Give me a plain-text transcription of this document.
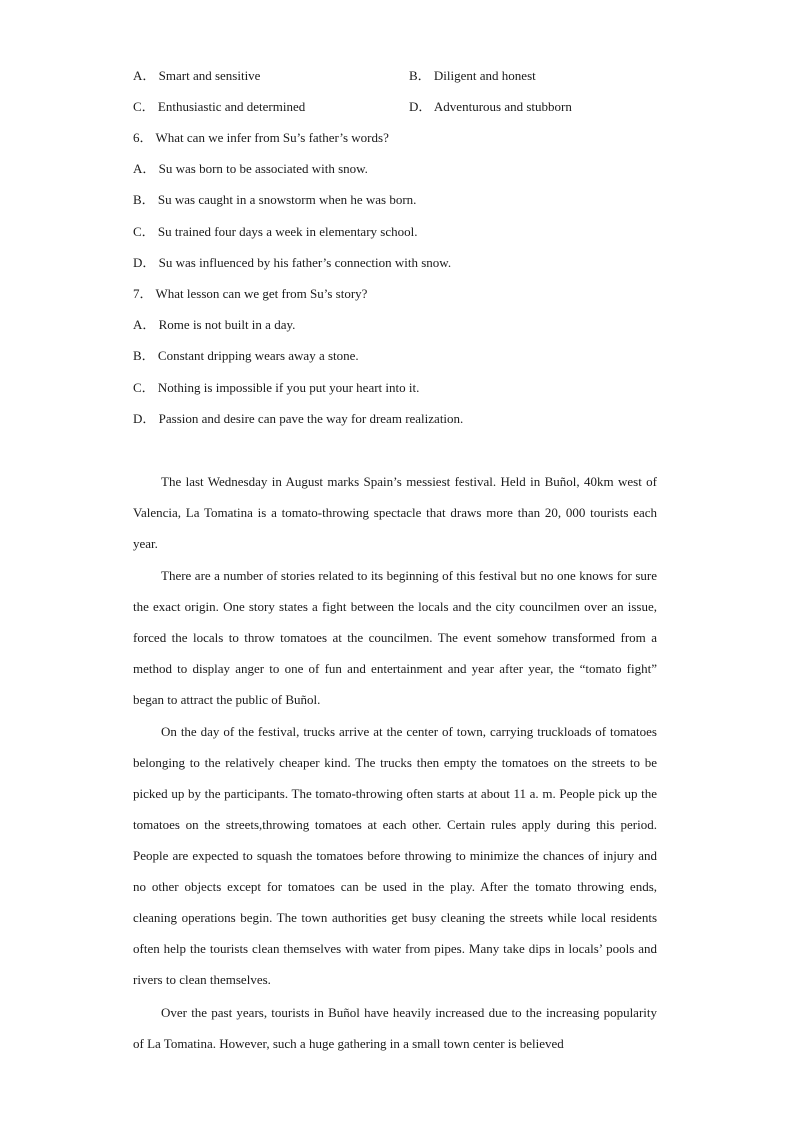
A． Smart and sensitive	B． Diligent and honest
C． Enthusiastic and determined	D． Adventurous and stubborn
6． What can we infer from Su’s father’s words?
A． Su was born to be associated with snow.
B． Su was caught in a snowstorm when he was born.
C． Su trained four days a week in elementary school.
D． Su was influenced by his father’s connection with snow.
7． What lesson can we get from Su’s story?
A． Rome is not built in a day.
B． Constant dripping wears away a stone.
C． Nothing is impossible if you put your heart into it.
D． Passion and desire can pave the way for dream realization.

The last Wednesday in August marks Spain’s messiest festival. Held in Buñol, 40km west of Valencia, La Tomatina is a tomato-throwing spectacle that draws more than 20, 000 tourists each year.

There are a number of stories related to its beginning of this festival but no one knows for sure the exact origin. One story states a fight between the locals and the city councilmen over an issue, forced the locals to throw tomatoes at the councilmen. The event somehow transformed from a method to display anger to one of fun and entertainment and year after year, the “tomato fight” began to attract the public of Buñol.

On the day of the festival, trucks arrive at the center of town, carrying truckloads of tomatoes belonging to the relatively cheaper kind. The trucks then empty the tomatoes on the streets to be picked up by the participants. The tomato-throwing often starts at about 11 a. m. People pick up the tomatoes on the streets,throwing tomatoes at each other. Certain rules apply during this period. People are expected to squash the tomatoes before throwing to minimize the chances of injury and no other objects except for tomatoes can be used in the play. After the tomato throwing ends, cleaning operations begin. The town authorities get busy cleaning the streets while local residents often help the tourists clean themselves with water from pipes. Many take dips in locals’ pools and rivers to clean themselves.

Over the past years, tourists in Buñol have heavily increased due to the increasing popularity of La Tomatina. However, such a huge gathering in a small town center is believed
